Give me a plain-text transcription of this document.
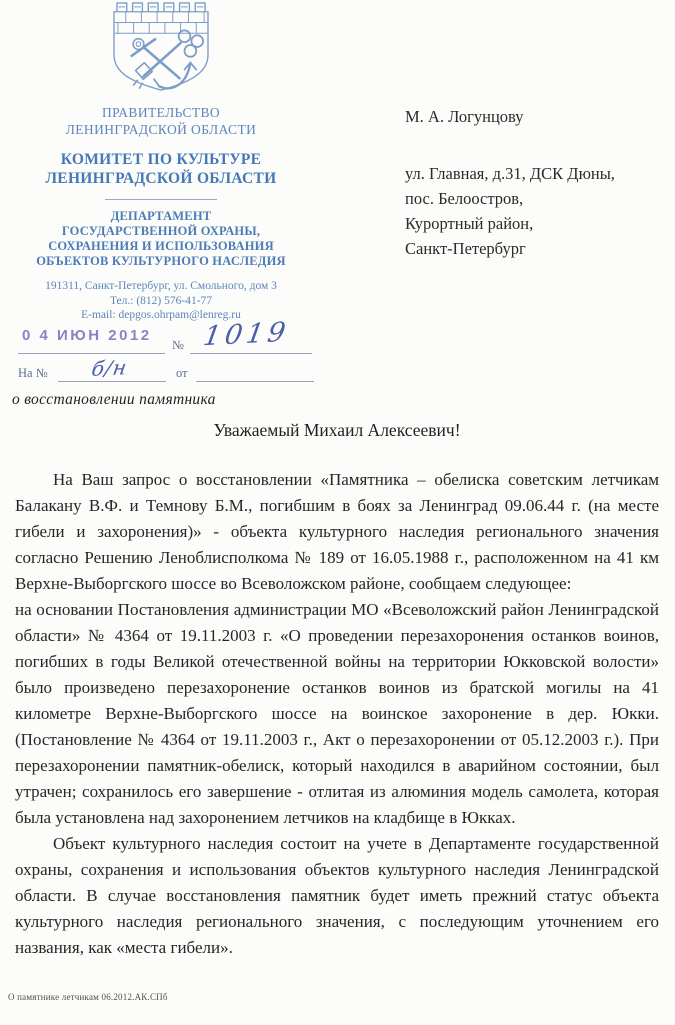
ПРАВИТЕЛЬСТВО
ЛЕНИНГРАДСКОЙ ОБЛАСТИ
КОМИТЕТ ПО КУЛЬТУРЕ
ЛЕНИНГРАДСКОЙ ОБЛАСТИ
ДЕПАРТАМЕНТ
ГОСУДАРСТВЕННОЙ ОХРАНЫ,
СОХРАНЕНИЯ И ИСПОЛЬЗОВАНИЯ
ОБЪЕКТОВ КУЛЬТУРНОГО НАСЛЕДИЯ
191311, Санкт-Петербург, ул. Смольного, дом 3
Тел.: (812) 576-41-77
E-mail: depgos.ohrpam@lenreg.ru
0 4 ИЮН 2012
№ 1019
На № б/н	от
о восстановлении памятника
М. А. Логунцову
ул. Главная, д.31, ДСК Дюны,
пос. Белоостров,
Курортный район,
Санкт-Петербург
Уважаемый Михаил Алексеевич!

На Ваш запрос о восстановлении «Памятника – обелиска советским летчикам Балакану В.Ф. и Темнову Б.М., погибшим в боях за Ленинград 09.06.44 г. (на месте гибели и захоронения)» - объекта культурного наследия регионального значения согласно Решению Леноблисполкома № 189 от 16.05.1988 г., расположенном на 41 км Верхне-Выборгского шоссе во Всеволожском районе, сообщаем следующее:

на основании Постановления администрации МО «Всеволожский район Ленинградской области» № 4364 от 19.11.2003 г. «О проведении перезахоронения останков воинов, погибших в годы Великой отечественной войны на территории Юкковской волости» было произведено перезахоронение останков воинов из братской могилы на 41 километре Верхне-Выборгского шоссе на воинское захоронение в дер. Юкки. (Постановление № 4364 от 19.11.2003 г., Акт о перезахоронении от 05.12.2003 г.). При перезахоронении памятник-обелиск, который находился в аварийном состоянии, был утрачен; сохранилось его завершение - отлитая из алюминия модель самолета, которая была установлена над захоронением летчиков на кладбище в Юкках.

Объект культурного наследия состоит на учете в Департаменте государственной охраны, сохранения и использования объектов культурного наследия Ленинградской области. В случае восстановления памятник будет иметь прежний статус объекта культурного наследия регионального значения, с последующим уточнением его названия, как «места гибели».

О памятнике летчикам 06.2012.АК.СПб
